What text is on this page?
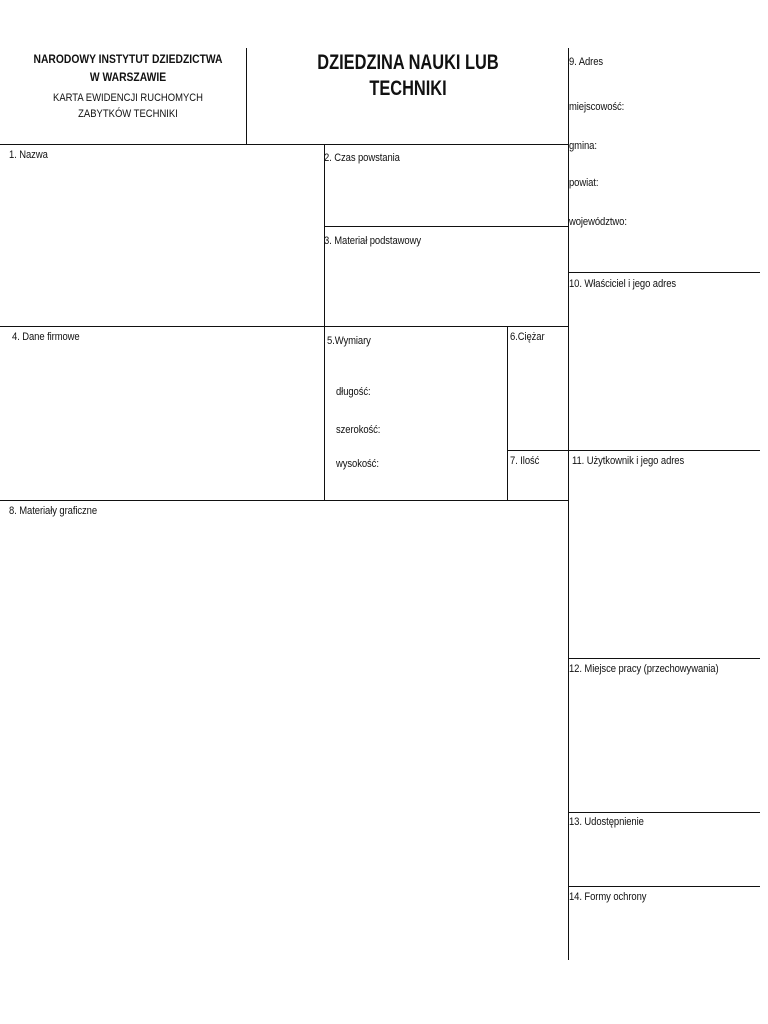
NARODOWY INSTYTUT DZIEDZICTWA
W WARSZAWIE
KARTA EWIDENCJI RUCHOMYCH
ZABYTKÓW TECHNIKI
DZIEDZINA NAUKI LUB TECHNIKI
1. Nazwa	2. Czas powstania
3. Materiał podstawowy
4. Dane firmowe	5.Wymiary
długość:
szerokość:
wysokość:
6.Ciężar
7. Ilość
8. Materiały graficzne
9. Adres
miejscowość:
gmina:
powiat:
województwo:
10. Właściciel i jego adres
11. Użytkownik i jego adres
12. Miejsce pracy (przechowywania)
13. Udostępnienie
14. Formy ochrony
